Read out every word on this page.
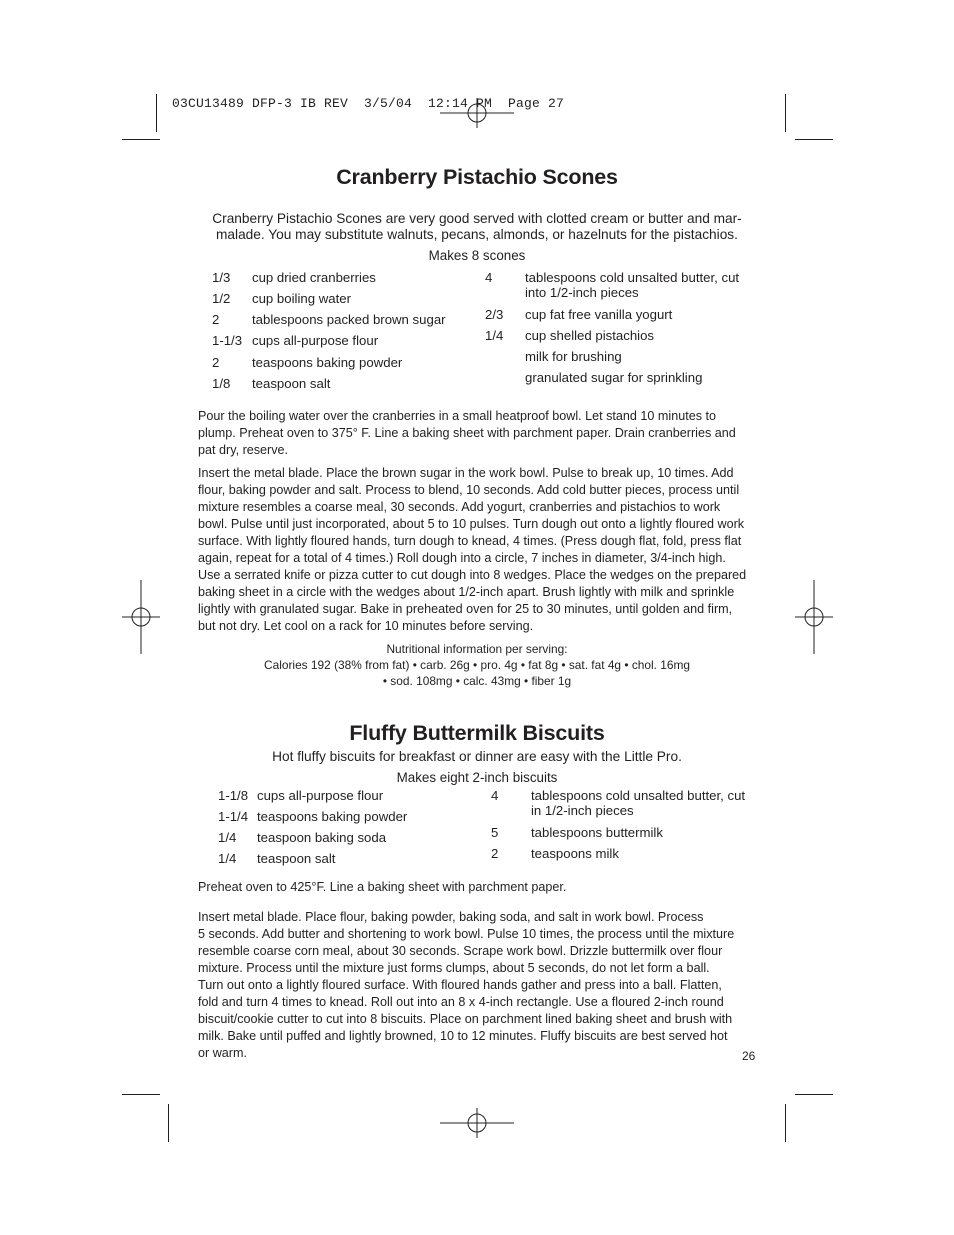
03CU13489 DFP-3 IB REV  3/5/04  12:14 PM  Page 27
Cranberry Pistachio Scones
Cranberry Pistachio Scones are very good served with clotted cream or butter and mar-
malade. You may substitute walnuts, pecans, almonds, or hazelnuts for the pistachios.
Makes 8 scones
1/3 cup dried cranberries
1/2 cup boiling water
2 tablespoons packed brown sugar
1-1/3 cups all-purpose flour
2 teaspoons baking powder
1/8 teaspoon salt
4 tablespoons cold unsalted butter, cut
into 1/2-inch pieces
2/3 cup fat free vanilla yogurt
1/4 cup shelled pistachios
milk for brushing
granulated sugar for sprinkling

Pour the boiling water over the cranberries in a small heatproof bowl. Let stand 10 minutes to

plump. Preheat oven to 375° F. Line a baking sheet with parchment paper. Drain cranberries and

pat dry, reserve.

Insert the metal blade. Place the brown sugar in the work bowl. Pulse to break up, 10 times. Add

flour, baking powder and salt. Process to blend, 10 seconds. Add cold butter pieces, process until

mixture resembles a coarse meal, 30 seconds. Add yogurt, cranberries and pistachios to work

bowl. Pulse until just incorporated, about 5 to 10 pulses. Turn dough out onto a lightly floured work

surface. With lightly floured hands, turn dough to knead, 4 times. (Press dough flat, fold, press flat

again, repeat for a total of 4 times.) Roll dough into a circle, 7 inches in diameter, 3/4-inch high.

Use a serrated knife or pizza cutter to cut dough into 8 wedges. Place the wedges on the prepared

baking sheet in a circle with the wedges about 1/2-inch apart. Brush lightly with milk and sprinkle

lightly with granulated sugar. Bake in preheated oven for 25 to 30 minutes, until golden and firm,

but not dry. Let cool on a rack for 10 minutes before serving.

Nutritional information per serving:
Calories 192 (38% from fat) • carb. 26g • pro. 4g • fat 8g • sat. fat 4g • chol. 16mg
• sod. 108mg • calc. 43mg • fiber 1g
Fluffy Buttermilk Biscuits
Hot fluffy biscuits for breakfast or dinner are easy with the Little Pro.
Makes eight 2-inch biscuits
1-1/8 cups all-purpose flour
1-1/4 teaspoons baking powder
1/4 teaspoon baking soda
1/4 teaspoon salt
4 tablespoons cold unsalted butter, cut
in 1/2-inch pieces
5 tablespoons buttermilk
2 teaspoons milk

Preheat oven to 425°F. Line a baking sheet with parchment paper.

Insert metal blade. Place flour, baking powder, baking soda, and salt in work bowl. Process

5 seconds. Add butter and shortening to work bowl. Pulse 10 times, the process until the mixture

resemble coarse corn meal, about 30 seconds. Scrape work bowl. Drizzle buttermilk over flour

mixture. Process until the mixture just forms clumps, about 5 seconds, do not let form a ball.

Turn out onto a lightly floured surface. With floured hands gather and press into a ball. Flatten,

fold and turn 4 times to knead. Roll out into an 8 x 4-inch rectangle. Use a floured 2-inch round

biscuit/cookie cutter to cut into 8 biscuits. Place on parchment lined baking sheet and brush with

milk. Bake until puffed and lightly browned, 10 to 12 minutes. Fluffy biscuits are best served hot

or warm.	26
